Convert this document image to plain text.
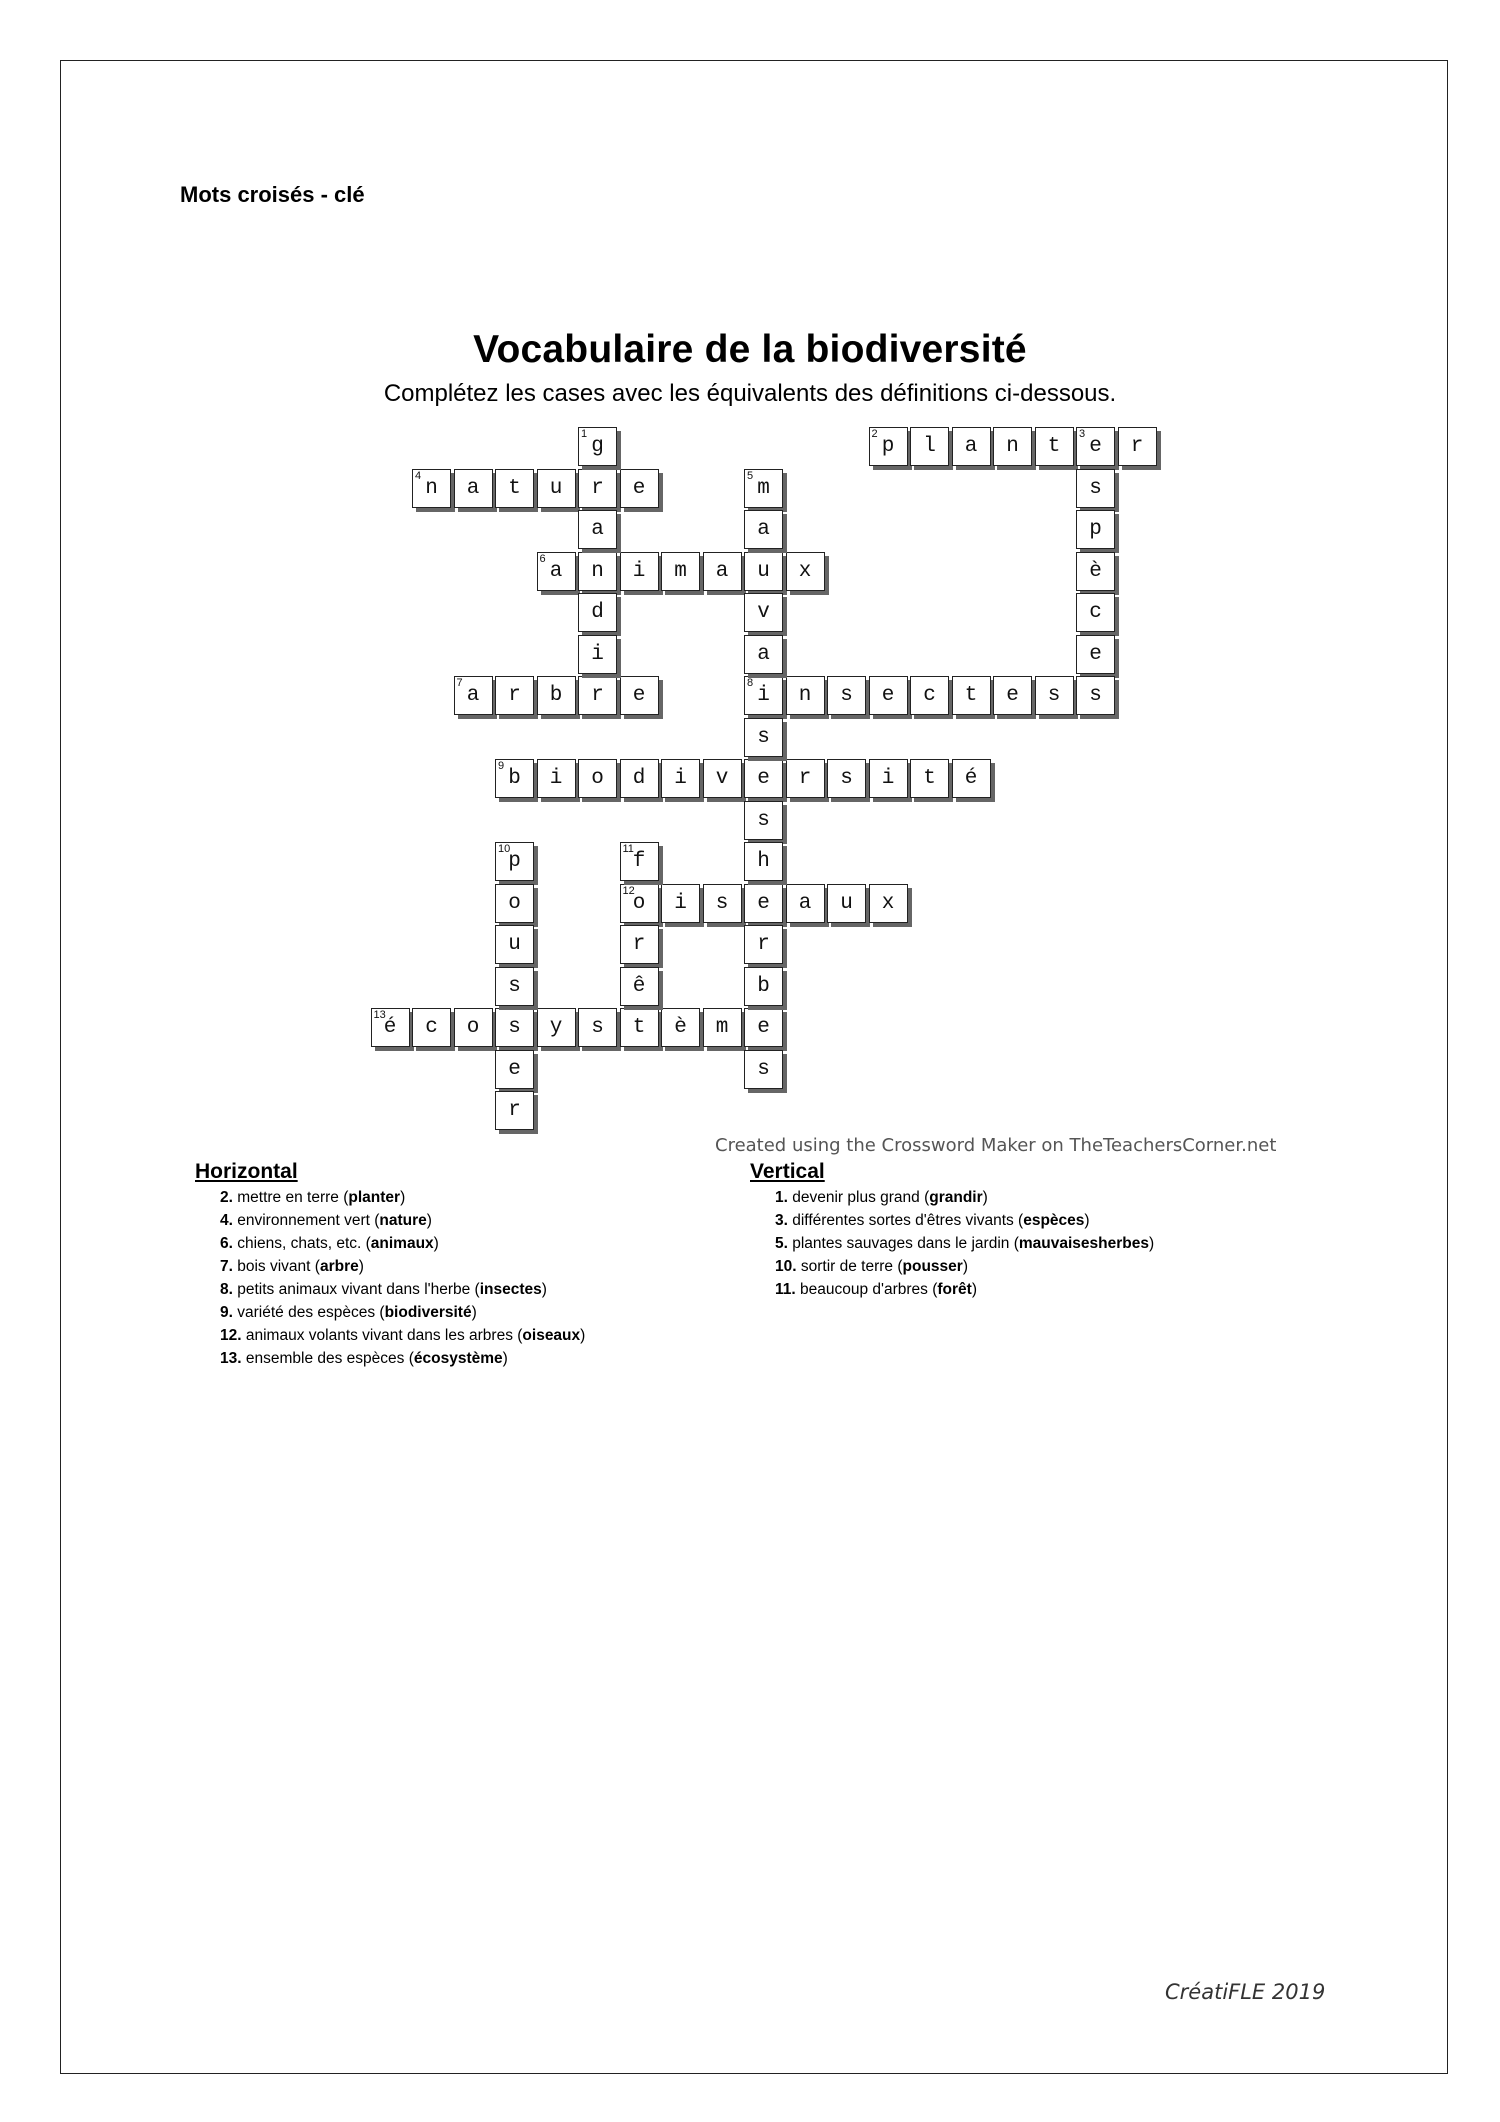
Mots croisés - clé
Vocabulaire de la biodiversité
Complétez les cases avec les équivalents des définitions ci-dessous.
p
2
l	a	n	t	e
3
r
n
4
a	t	u	r	e
a
6
n	i	m	a	u	x
a
7
r	b	r	e	i
8
n	s	e	c	t	e	s
b
9
i	o	d	i	v	e	r	s	i	t	é
o
12
i	s	e	a	u	x
é
13
c	o	s	y	s	t	è	m	e
g
1
a
d
i
s
p
è
c
e
s
m
5
a
v
a
s
s
h
r
b
s
p
10
o
u
s
e
r
f
11
r
ê
Created using the Crossword Maker on TheTeachersCorner.net
Horizontal
2. mettre en terre (planter)
4. environnement vert (nature)
6. chiens, chats, etc. (animaux)
7. bois vivant (arbre)
8. petits animaux vivant dans l'herbe (insectes)
9. variété des espèces (biodiversité)
12. animaux volants vivant dans les arbres (oiseaux)
13. ensemble des espèces (écosystème)
Vertical
1. devenir plus grand (grandir)
3. différentes sortes d'êtres vivants (espèces)
5. plantes sauvages dans le jardin (mauvaisesherbes)
10. sortir de terre (pousser)
11. beaucoup d'arbres (forêt)
CréatiFLE 2019
